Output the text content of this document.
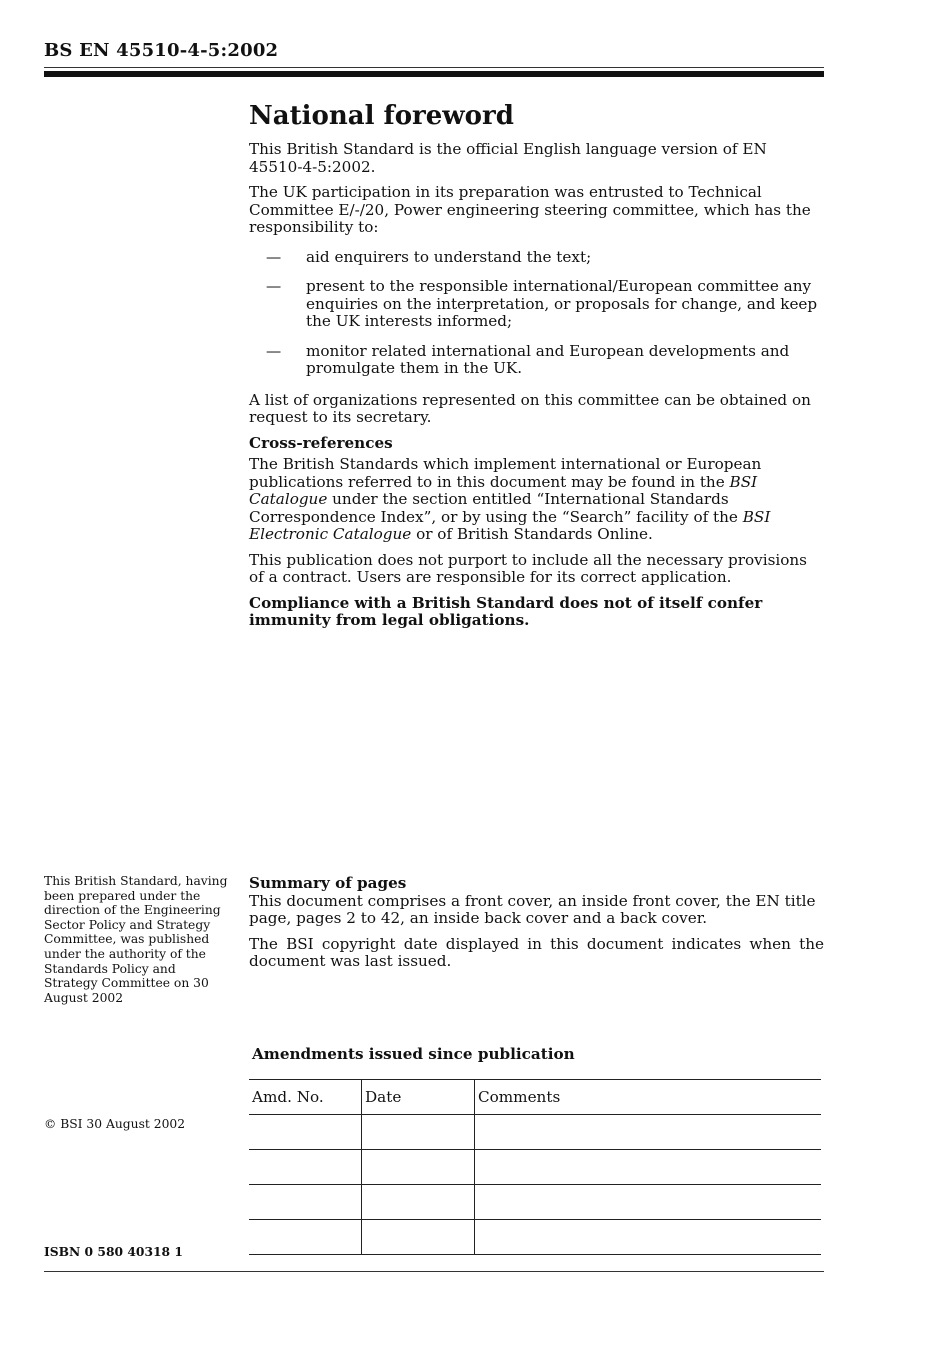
BS EN 45510-4-5:2002
National foreword

This British Standard is the official English language version of EN 45510-4-5:2002.

The UK participation in its preparation was entrusted to Technical Committee E/-/20, Power engineering steering committee, which has the responsibility to:

— aid enquirers to understand the text;
— present to the responsible international/European committee any enquiries on the interpretation, or proposals for change, and keep the UK interests informed;
— monitor related international and European developments and promulgate them in the UK.

A list of organizations represented on this committee can be obtained on request to its secretary.

Cross-references

The British Standards which implement international or European publications referred to in this document may be found in the BSI Catalogue under the section entitled “International Standards Correspondence Index”, or by using the “Search” facility of the BSI Electronic Catalogue or of British Standards Online.

This publication does not purport to include all the necessary provisions of a contract. Users are responsible for its correct application.

Compliance with a British Standard does not of itself confer immunity from legal obligations.

This British Standard, having been prepared under the direction of the Engineering Sector Policy and Strategy Committee, was published under the authority of the Standards Policy and Strategy Committee on 30 August 2002

Summary of pages

This document comprises a front cover, an inside front cover, the EN title page, pages 2 to 42, an inside back cover and a back cover.

The BSI copyright date displayed in this document indicates when the document was last issued.

Amendments issued since publication
Amd. No.	Date	Comments

© BSI 30 August 2002
ISBN 0 580 40318 1
